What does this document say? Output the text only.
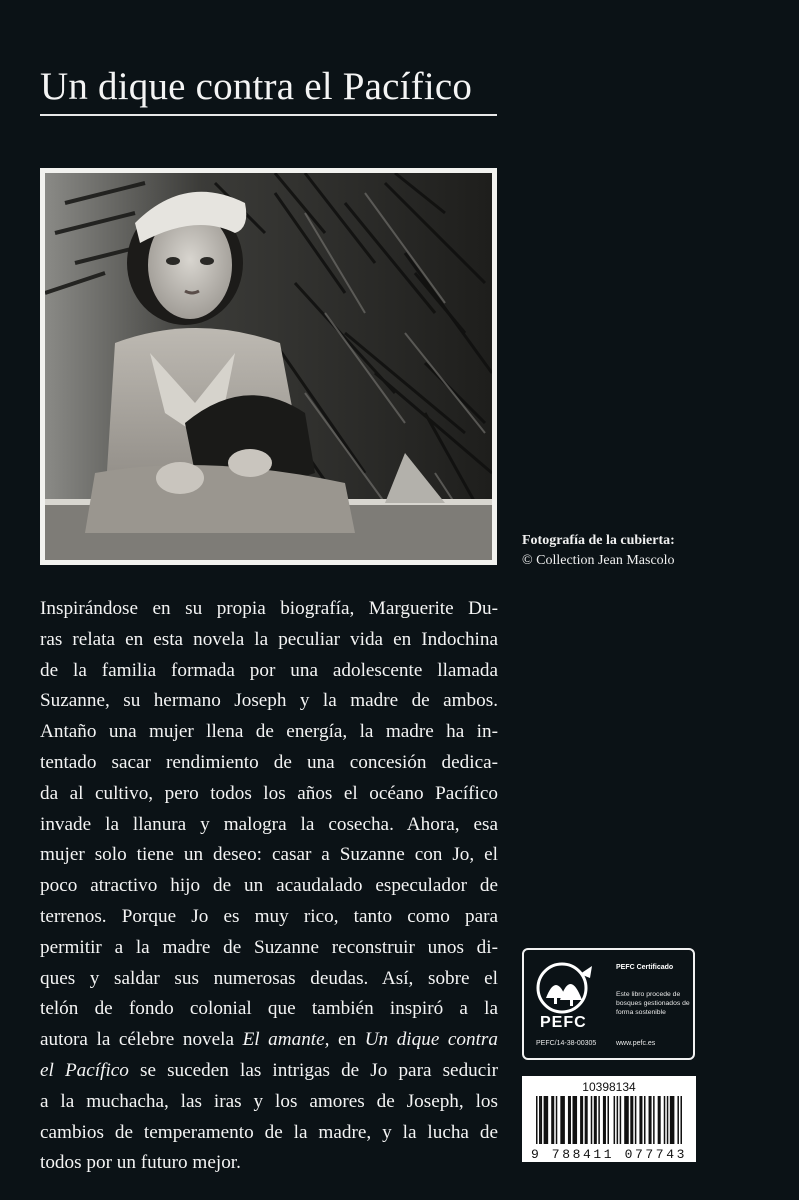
Un dique contra el Pacífico
Fotografía de la cubierta:
© Collection Jean Mascolo
Inspirándose en su propia biografía, Marguerite Du-
ras relata en esta novela la peculiar vida en Indochina
de la familia formada por una adolescente llamada
Suzanne, su hermano Joseph y la madre de ambos.
Antaño una mujer llena de energía, la madre ha in-
tentado sacar rendimiento de una concesión dedica-
da al cultivo, pero todos los años el océano Pacífico
invade la llanura y malogra la cosecha. Ahora, esa
mujer solo tiene un deseo: casar a Suzanne con Jo, el
poco atractivo hijo de un acaudalado especulador de
terrenos. Porque Jo es muy rico, tanto como para
permitir a la madre de Suzanne reconstruir unos di-
ques y saldar sus numerosas deudas. Así, sobre el
telón de fondo colonial que también inspiró a la
autora la célebre novela El amante, en Un dique contra
el Pacífico se suceden las intrigas de Jo para seducir
a la muchacha, las iras y los amores de Joseph, los
cambios de temperamento de la madre, y la lucha de
todos por un futuro mejor.
PEFC
PEFC/14-38-00305
PEFC Certificado
Este libro procede de bosques gestionados de forma sostenible
www.pefc.es
10398134
9 788411 077743
